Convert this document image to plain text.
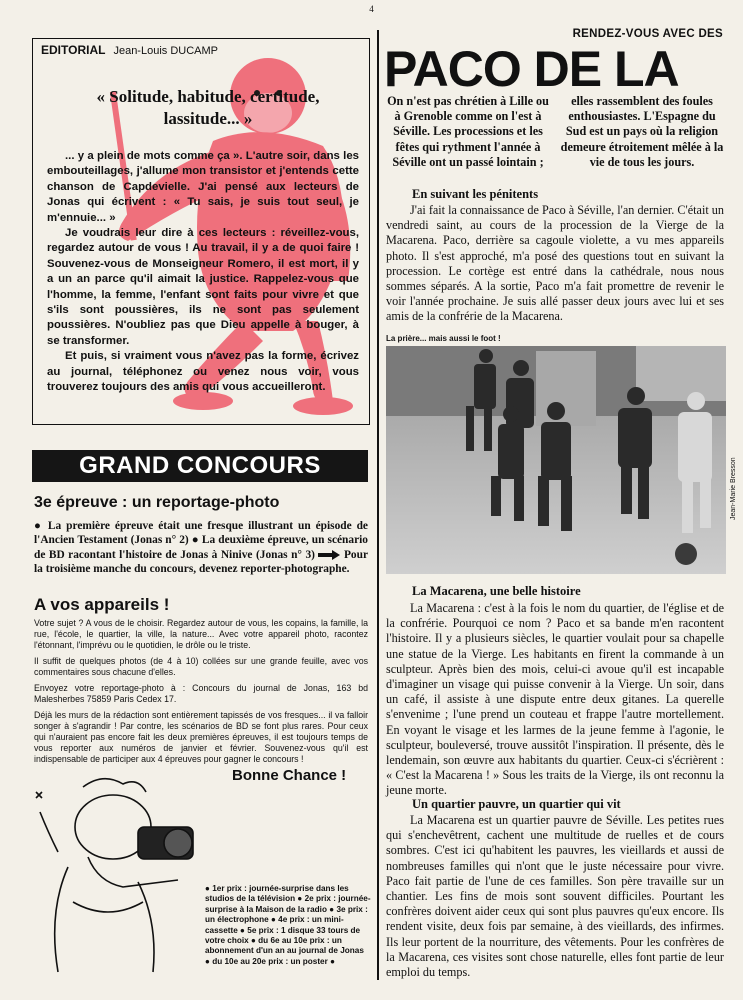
4
EDITORIAL Jean-Louis DUCAMP
« Solitude, habitude, certitude, lassitude... »

... y a plein de mots comme ça ». L'autre soir, dans les embouteillages, j'allume mon transistor et j'entends cette chanson de Capdevielle. J'ai pensé aux lecteurs de Jonas qui écrivent : « Tu sais, je suis tout seul, je m'ennuie... »

Je voudrais leur dire à ces lecteurs : réveillez-vous, regardez autour de vous ! Au travail, il y a de quoi faire ! Souvenez-vous de Monseigneur Romero, il est mort, il y a un an parce qu'il aimait la justice. Rappelez-vous que l'homme, la femme, l'enfant sont faits pour vivre et que s'ils sont poussières, ils ne sont pas seulement poussières. N'oubliez pas que Dieu appelle à bouger, à se transformer.

Et puis, si vraiment vous n'avez pas la forme, écrivez au journal, téléphonez ou venez nous voir, vous trouverez toujours des amis qui vous accueilleront.

GRAND CONCOURS
3e épreuve : un reportage-photo
● La première épreuve était une fresque illustrant un épisode de l'Ancien Testament (Jonas n° 2) ● La deuxième épreuve, un scénario de BD racontant l'histoire de Jonas à Ninive (Jonas n° 3)	Pour la troisième manche du concours, devenez reporter-photographe.
A vos appareils !

Votre sujet ? A vous de le choisir. Regardez autour de vous, les copains, la famille, la rue, l'école, le quartier, la ville, la nature... Avec votre appareil photo, racontez l'étonnant, l'imprévu ou le quotidien, le drôle ou le triste.

Il suffit de quelques photos (de 4 à 10) collées sur une grande feuille, avec vos commentaires sous chacune d'elles.

Envoyez votre reportage-photo à : Concours du journal de Jonas, 163 bd Malesherbes 75859 Paris Cedex 17.

Déjà les murs de la rédaction sont entièrement tapissés de vos fresques... il va falloir songer à s'agrandir ! Par contre, les scénarios de BD se font plus rares. Pour ceux qui n'auraient pas encore fait les deux premières épreuves, il est toujours temps de vous reporter aux numéros de janvier et février. Souvenez-vous qu'il est indispensable de participer aux 4 épreuves pour gagner le concours !

Bonne Chance !
● 1er prix : journée-surprise dans les studios de la télévision ● 2e prix : journée-surprise à la Maison de la radio ● 3e prix : un électrophone ● 4e prix : un mini-cassette ● 5e prix : 1 disque 33 tours de votre choix ● du 6e au 10e prix : un abonnement d'un an au journal de Jonas ● du 10e au 20e prix : un poster ●
RENDEZ-VOUS AVEC DES
PACO DE LA
On n'est pas chrétien à Lille ou à Grenoble comme on l'est à Séville. Les processions et les fêtes qui rythment l'année à Séville ont un passé lointain ;
elles rassemblent des foules enthousiastes. L'Espagne du Sud est un pays où la religion demeure étroitement mêlée à la vie de tous les jours.
En suivant les pénitents

J'ai fait la connaissance de Paco à Séville, l'an dernier. C'était un vendredi saint, au cours de la procession de la Vierge de la Macarena. Paco, derrière sa cagoule violette, a vu mes appareils photo. Il s'est approché, m'a posé des questions tout en suivant la procession. Le cortège est entré dans la cathédrale, nous nous sommes séparés. A la sortie, Paco m'a fait promettre de revenir le voir l'année prochaine. Je suis allé passer deux jours avec lui et ses amis de la confrérie de la Macarena.

La prière... mais aussi le foot !
Jean-Marie Bresson
La Macarena, une belle histoire

La Macarena : c'est à la fois le nom du quartier, de l'église et de la confrérie. Pourquoi ce nom ? Paco et sa bande m'en racontent l'histoire. Il y a plusieurs siècles, le quartier voulait pour sa chapelle une statue de la Vierge. Les habitants en firent la commande à un sculpteur. Après bien des mois, celui-ci avoue qu'il est incapable d'imaginer un visage qui puisse convenir à la Vierge. Un soir, dans un café, il assiste à une dispute entre deux gitanes. La querelle s'envenime ; l'une prend un couteau et frappe l'autre mortellement. En voyant le visage et les larmes de la jeune femme à l'agonie, le sculpteur, bouleversé, trouve aussitôt l'inspiration. Il présente, dès le lendemain, son œuvre aux habitants du quartier. Ceux-ci s'écrièrent : « C'est la Macarena ! » Sous les traits de la Vierge, ils ont reconnu la jeune morte.

Un quartier pauvre, un quartier qui vit

La Macarena est un quartier pauvre de Séville. Les petites rues qui s'enchevêtrent, cachent une multitude de ruelles et de cours sombres. C'est ici qu'habitent les pauvres, les vieillards et aussi de nombreuses familles qui n'ont que le juste nécessaire pour vivre. Paco fait partie de l'une de ces familles. Son père travaille sur un chantier. Les fins de mois sont souvent difficiles. Pourtant les confrères doivent aider ceux qui sont plus pauvres qu'eux encore. Ils rendent visite, deux fois par semaine, à des vieillards, des infirmes. Ils leur portent de la nourriture, des vêtements. Pour les confrères de la Macarena, ces visites sont chose naturelle, elles font partie de leur emploi du temps.
